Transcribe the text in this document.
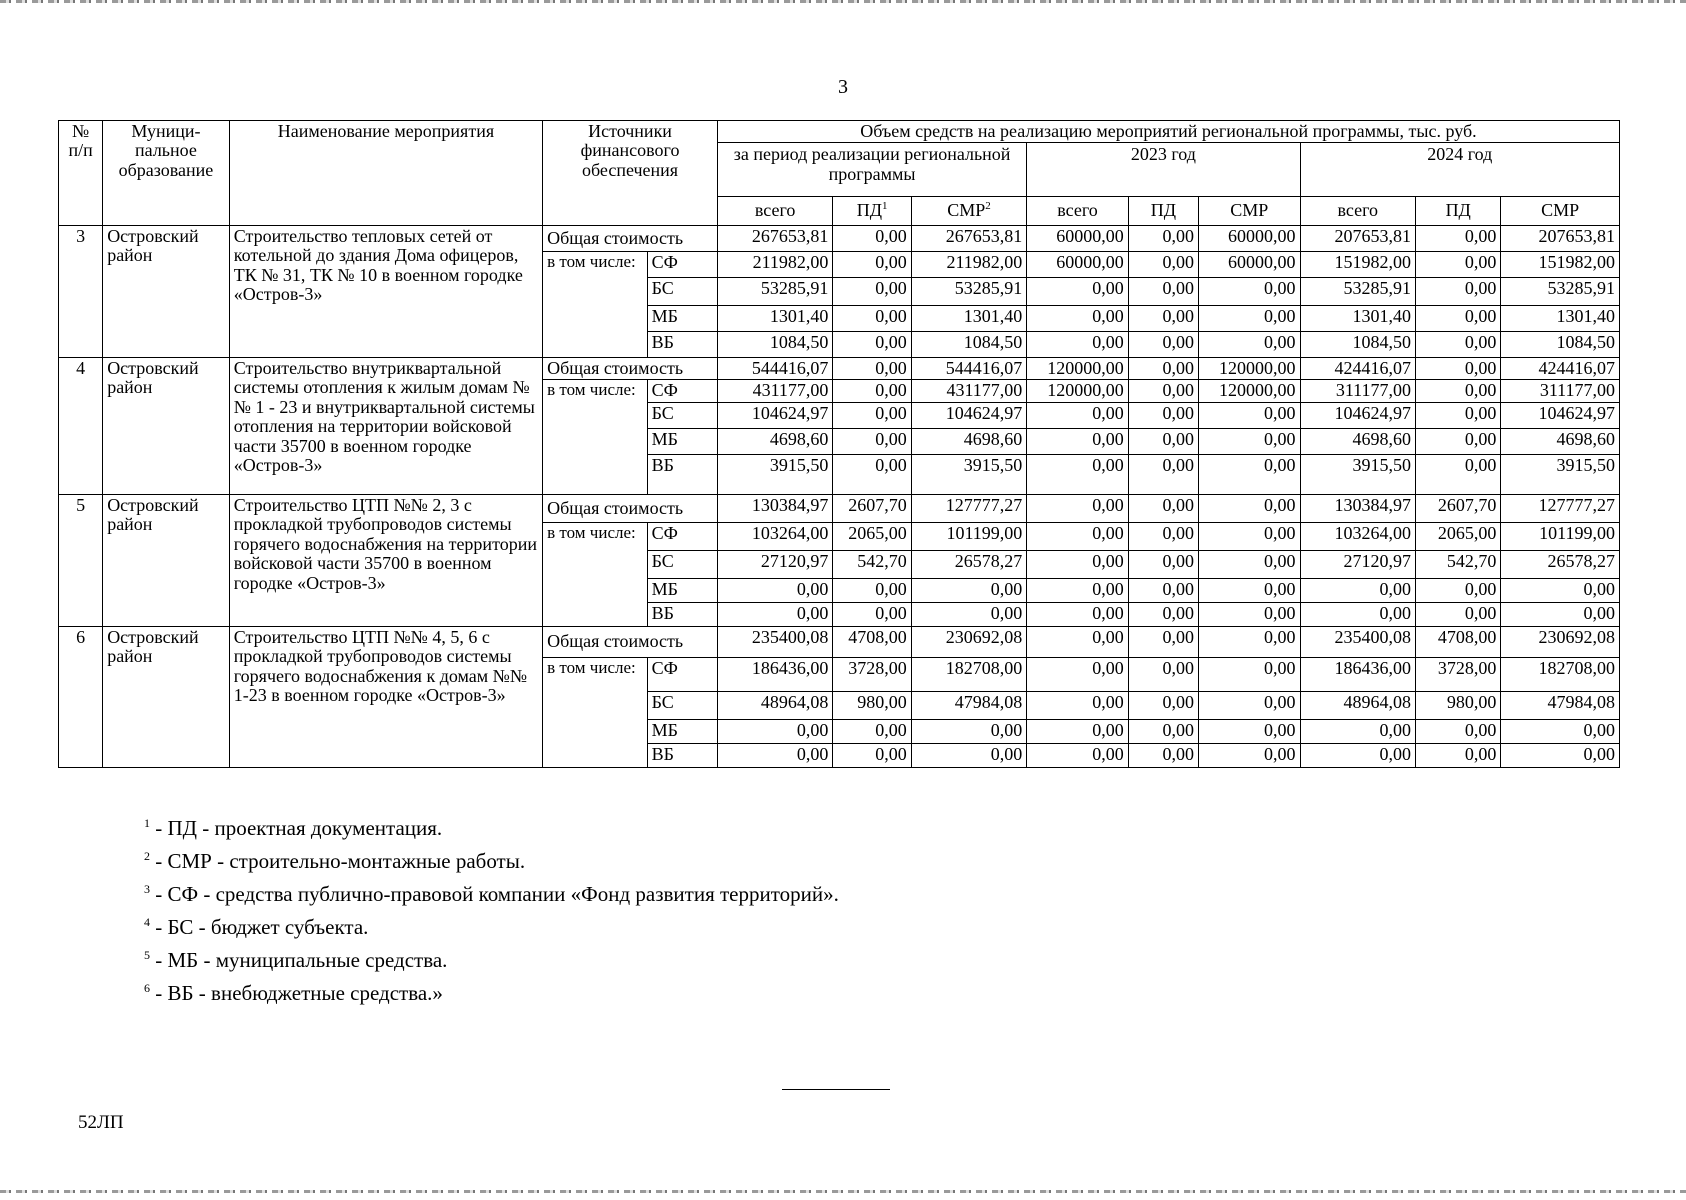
3
№ п/п	Муници-пальное образование	Наименование мероприятия	Источники финансового обеспечения		Объем средств на реализацию мероприятий региональной программы, тыс. руб.								
					за период реализации региональной программы			2023 год			2024 год		
					всего	$ПД^1$	СМР$^2$	всего	ПД	СМР	всего	ПД	СМР
3	Островский район	Строительство тепловых сетей от котельной до здания Дома офицеров, ТК № 31, ТК № 10 в военном городке «Остров-3»	Общая стоимость		267653,81	0,00	267653,81	60000,00	0,00	60000,00	207653,81	0,00	207653,81
			в том числе:	СФ	211982,00	0,00	211982,00	60000,00	0,00	60000,00	151982,00	0,00	151982,00
				БС	53285,91	0,00	53285,91	0,00	0,00	0,00	53285,91	0,00	53285,91
				МБ	1301,40	0,00	1301,40	0,00	0,00	0,00	1301,40	0,00	1301,40
				ВБ	1084,50	0,00	1084,50	0,00	0,00	0,00	1084,50	0,00	1084,50
4	Островский район	Строительство внутриквартальной системы отопления к жилым домам №№ 1 - 23 и внутриквартальной системы отопления на территории войсковой части 35700 в военном городке «Остров-3»	Общая стоимость		544416,07	0,00	544416,07	120000,00	0,00	120000,00	424416,07	0,00	424416,07
			в том числе:	СФ	431177,00	0,00	431177,00	120000,00	0,00	120000,00	311177,00	0,00	311177,00
				БС	104624,97	0,00	104624,97	0,00	0,00	0,00	104624,97	0,00	104624,97
				МБ	4698,60	0,00	4698,60	0,00	0,00	0,00	4698,60	0,00	4698,60
				ВБ	3915,50	0,00	3915,50	0,00	0,00	0,00	3915,50	0,00	3915,50
5	Островский район	Строительство ЦТП №№ 2, 3 с прокладкой трубопроводов системы горячего водоснабжения на территории войсковой части 35700 в военном городке «Остров-3»	Общая стоимость		130384,97	2607,70	127777,27	0,00	0,00	0,00	130384,97	2607,70	127777,27
			в том числе:	СФ	103264,00	2065,00	101199,00	0,00	0,00	0,00	103264,00	2065,00	101199,00
				БС	27120,97	542,70	26578,27	0,00	0,00	0,00	27120,97	542,70	26578,27
				МБ	0,00	0,00	0,00	0,00	0,00	0,00	0,00	0,00	0,00
				ВБ	0,00	0,00	0,00	0,00	0,00	0,00	0,00	0,00	0,00
6	Островский район	Строительство ЦТП №№ 4, 5, 6 с прокладкой трубопроводов системы горячего водоснабжения к домам №№ 1-23 в военном городке «Остров-3»	Общая стоимость		235400,08	4708,00	230692,08	0,00	0,00	0,00	235400,08	4708,00	230692,08
			в том числе:	СФ	186436,00	3728,00	182708,00	0,00	0,00	0,00	186436,00	3728,00	182708,00
				БС	48964,08	980,00	47984,08	0,00	0,00	0,00	48964,08	980,00	47984,08
				МБ	0,00	0,00	0,00	0,00	0,00	0,00	0,00	0,00	0,00
				ВБ	0,00	0,00	0,00	0,00	0,00	0,00	0,00	0,00	0,00
$^1$ - ПД - проектная документация.
$^2$ - СМР - строительно-монтажные работы.
$^3$ - СФ - средства публично-правовой компании «Фонд развития территорий».
$^4$ - БС - бюджет субъекта.
$^5$ - МБ - муниципальные средства.
$^6$ - ВБ - внебюджетные средства.»
52ЛП
